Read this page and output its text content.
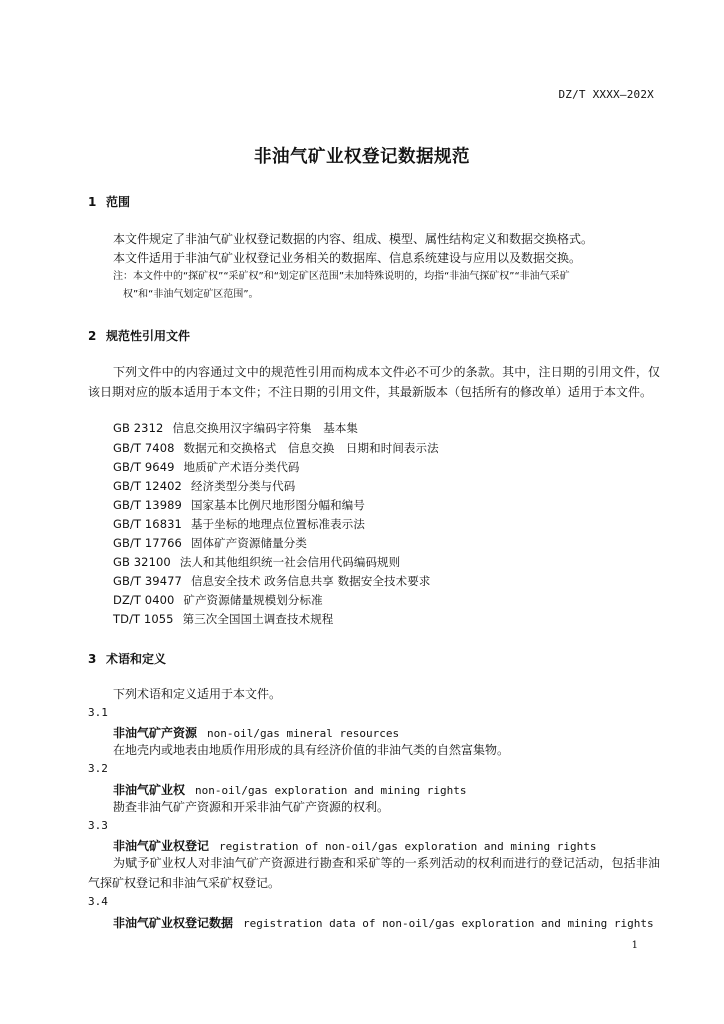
DZ/T XXXX—202X
非油气矿业权登记数据规范
1 范围
本文件规定了非油气矿业权登记数据的内容、组成、模型、属性结构定义和数据交换格式。
本文件适用于非油气矿业权登记业务相关的数据库、信息系统建设与应用以及数据交换。
注：本文件中的“探矿权”“采矿权”和“划定矿区范围”未加特殊说明的，均指“非油气探矿权”“非油气采矿
权”和“非油气划定矿区范围”。
2 规范性引用文件
下列文件中的内容通过文中的规范性引用而构成本文件必不可少的条款。其中，注日期的引用文件，仅该日期对应的版本适用于本文件；不注日期的引用文件，其最新版本（包括所有的修改单）适用于本文件。
GB 2312 信息交换用汉字编码字符集　基本集
GB/T 7408 数据元和交换格式　信息交换　日期和时间表示法
GB/T 9649 地质矿产术语分类代码
GB/T 12402 经济类型分类与代码
GB/T 13989 国家基本比例尺地形图分幅和编号
GB/T 16831 基于坐标的地理点位置标准表示法
GB/T 17766 固体矿产资源储量分类
GB 32100 法人和其他组织统一社会信用代码编码规则
GB/T 39477 信息安全技术 政务信息共享 数据安全技术要求
DZ/T 0400 矿产资源储量规模划分标准
TD/T 1055 第三次全国国土调查技术规程
3 术语和定义
下列术语和定义适用于本文件。
3.1
非油气矿产资源 non-oil/gas mineral resources
在地壳内或地表由地质作用形成的具有经济价值的非油气类的自然富集物。
3.2
非油气矿业权 non-oil/gas exploration and mining rights
勘查非油气矿产资源和开采非油气矿产资源的权利。
3.3
非油气矿业权登记 registration of non-oil/gas exploration and mining rights
为赋予矿业权人对非油气矿产资源进行勘查和采矿等的一系列活动的权利而进行的登记活动，包括非油气探矿权登记和非油气采矿权登记。
3.4
非油气矿业权登记数据 registration data of non-oil/gas exploration and mining rights
1
